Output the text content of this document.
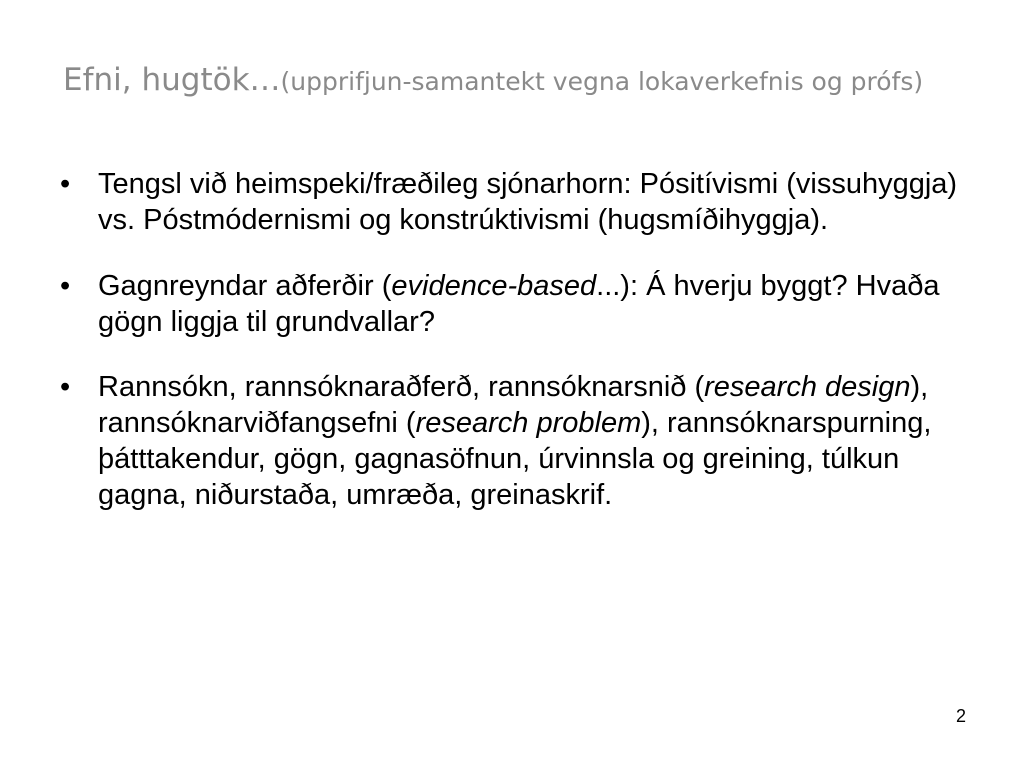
Efni, hugtök…(upprifjun-samantekt vegna lokaverkefnis og prófs)
• Tengsl við heimspeki/fræðileg sjónarhorn: Pósitívismi (vissuhyggja) vs. Póstmódernismi og konstrúktivismi (hugsmíðihyggja).
• Gagnreyndar aðferðir (evidence-based...): Á hverju byggt? Hvaða gögn liggja til grundvallar?
• Rannsókn, rannsóknaraðferð, rannsóknarsnið (research design), rannsóknarviðfangsefni (research problem), rannsóknarspurning, þátttakendur, gögn, gagnasöfnun, úrvinnsla og greining, túlkun gagna, niðurstaða, umræða, greinaskrif.
2
